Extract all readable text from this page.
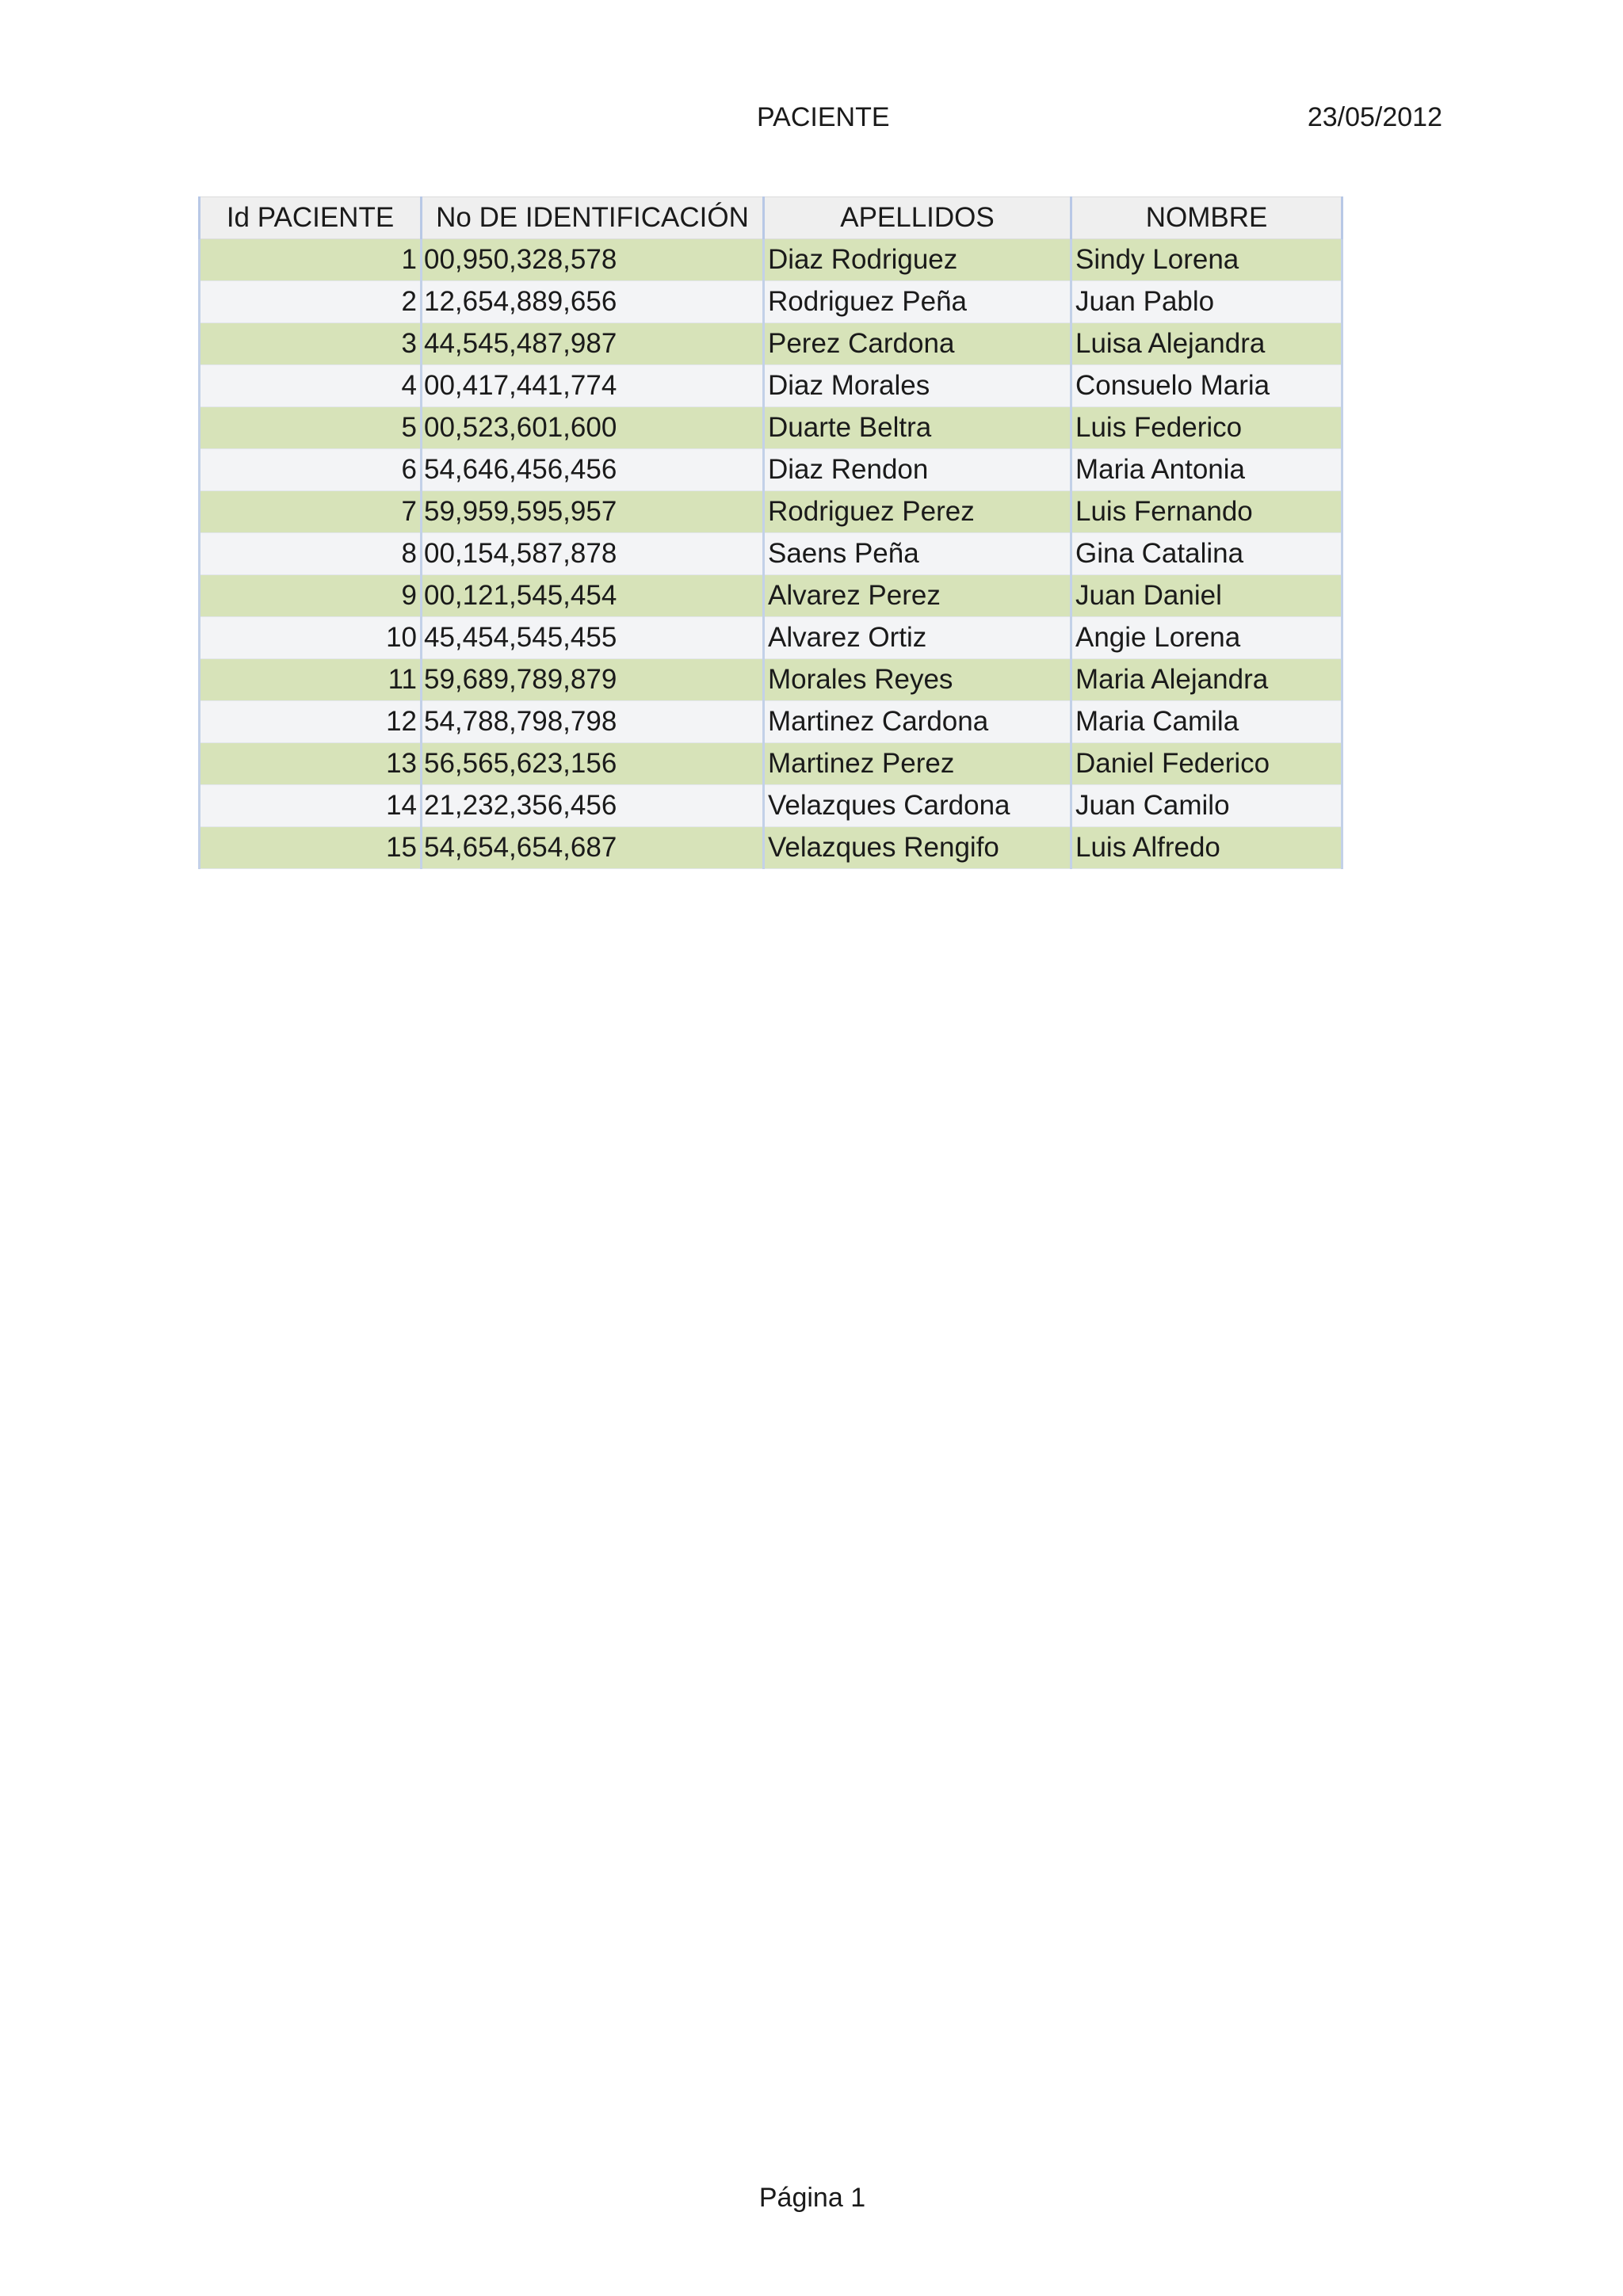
PACIENTE	23/05/2012
Id PACIENTE	No DE IDENTIFICACIÓN	APELLIDOS	NOMBRE
1	00,950,328,578	Diaz Rodriguez	Sindy Lorena
2	12,654,889,656	Rodriguez Peña	Juan Pablo
3	44,545,487,987	Perez Cardona	Luisa Alejandra
4	00,417,441,774	Diaz Morales	Consuelo Maria
5	00,523,601,600	Duarte Beltra	Luis Federico
6	54,646,456,456	Diaz Rendon	Maria Antonia
7	59,959,595,957	Rodriguez Perez	Luis Fernando
8	00,154,587,878	Saens Peña	Gina Catalina
9	00,121,545,454	Alvarez Perez	Juan Daniel
10	45,454,545,455	Alvarez Ortiz	Angie Lorena
11	59,689,789,879	Morales Reyes	Maria Alejandra
12	54,788,798,798	Martinez Cardona	Maria Camila
13	56,565,623,156	Martinez Perez	Daniel Federico
14	21,232,356,456	Velazques Cardona	Juan Camilo
15	54,654,654,687	Velazques Rengifo	Luis Alfredo
Página 1
